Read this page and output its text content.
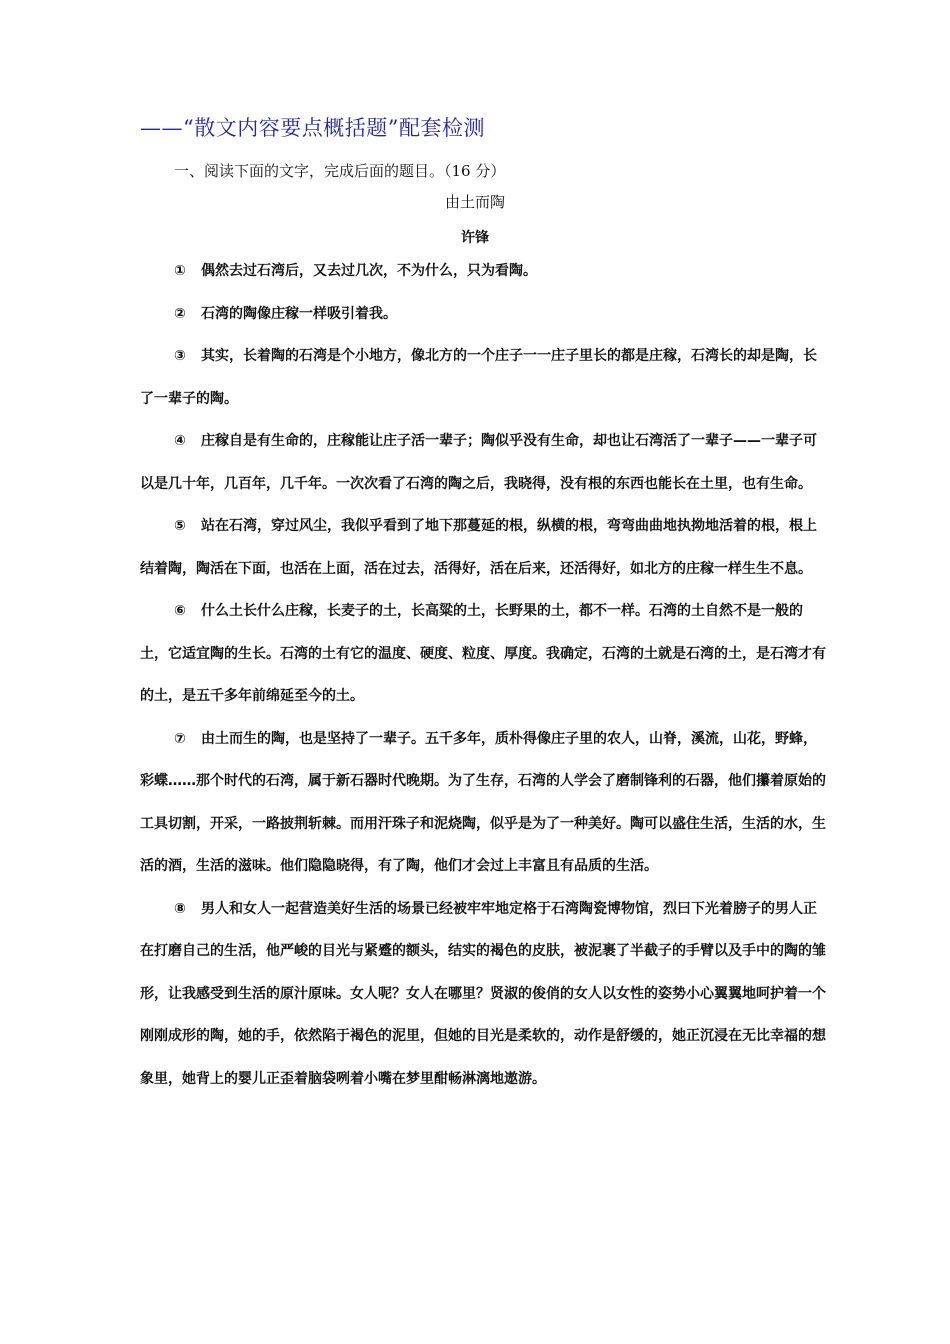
——“散文内容要点概括题”配套检测
一、阅读下面的文字，完成后面的题目。（16 分）
由土而陶
许锋

① 偶然去过石湾后，又去过几次，不为什么，只为看陶。

② 石湾的陶像庄稼一样吸引着我。

③ 其实，长着陶的石湾是个小地方，像北方的一个庄子一一庄子里长的都是庄稼，石湾长的却是陶，长了一辈子的陶。

④ 庄稼自是有生命的，庄稼能让庄子活一辈子；陶似乎没有生命，却也让石湾活了一辈子——一辈子可以是几十年，几百年，几千年。一次次看了石湾的陶之后，我晓得，没有根的东西也能长在土里，也有生命。

⑤ 站在石湾，穿过风尘，我似乎看到了地下那蔓延的根，纵横的根，弯弯曲曲地执拗地活着的根，根上结着陶，陶活在下面，也活在上面，活在过去，活得好，活在后来，还活得好，如北方的庄稼一样生生不息。

⑥ 什么土长什么庄稼，长麦子的土，长高粱的土，长野果的土，都不一样。石湾的土自然不是一般的土，它适宜陶的生长。石湾的土有它的温度、硬度、粒度、厚度。我确定，石湾的土就是石湾的土，是石湾才有的土，是五千多年前绵延至今的土。

⑦ 由土而生的陶，也是坚持了一辈子。五千多年，质朴得像庄子里的农人，山脊，溪流，山花，野蜂，彩蝶……那个时代的石湾，属于新石器时代晚期。为了生存，石湾的人学会了磨制锋利的石器，他们攥着原始的工具切割，开采，一路披荆斩棘。而用汗珠子和泥烧陶，似乎是为了一种美好。陶可以盛住生活，生活的水，生活的酒，生活的滋味。他们隐隐晓得，有了陶，他们才会过上丰富且有品质的生活。

⑧ 男人和女人一起营造美好生活的场景已经被牢牢地定格于石湾陶瓷博物馆，烈曰下光着膀子的男人正在打磨自己的生活，他严峻的目光与紧蹙的额头，结实的褐色的皮肤，被泥裹了半截子的手臂以及手中的陶的雏形，让我感受到生活的原汁原味。女人呢？女人在哪里？贤淑的俊俏的女人以女性的姿势小心翼翼地呵护着一个刚刚成形的陶，她的手，依然陷于褐色的泥里，但她的目光是柔软的，动作是舒缓的，她正沉浸在无比幸福的想象里，她背上的婴儿正歪着脑袋咧着小嘴在梦里酣畅淋漓地遨游。
